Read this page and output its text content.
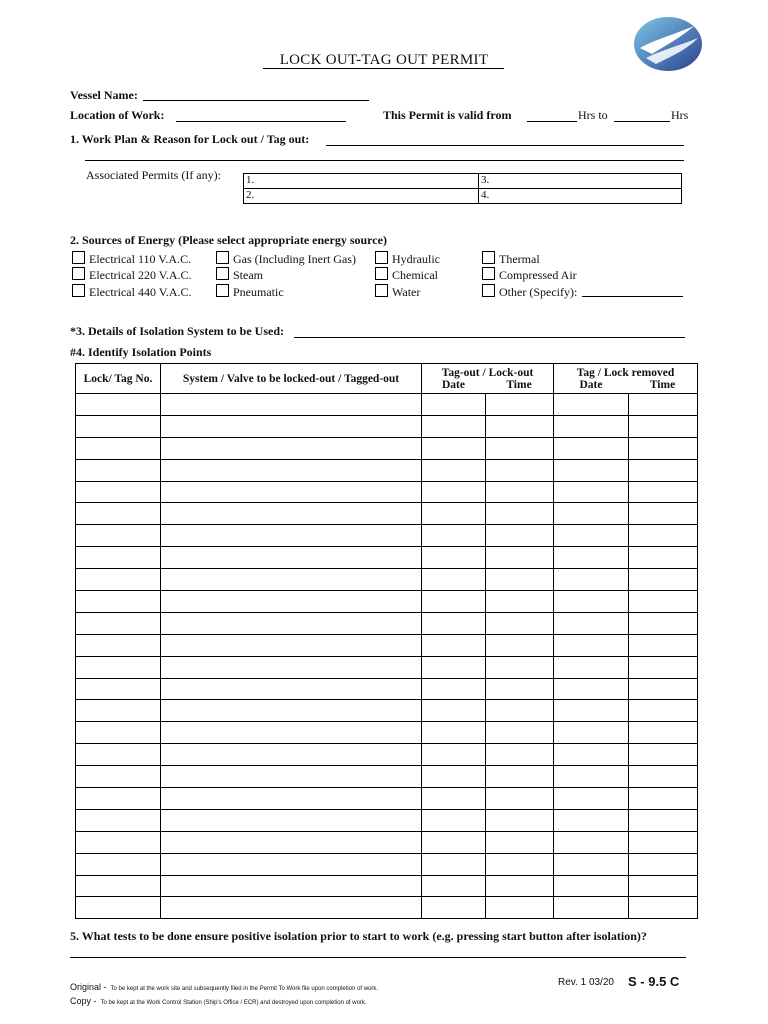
LOCK OUT-TAG OUT PERMIT
Vessel Name:
Location of Work:	This Permit is valid from	Hrs to	Hrs
1. Work Plan & Reason for Lock out / Tag out:
Associated Permits (If any): 1.	3.
2.	4.
2. Sources of Energy (Please select appropriate energy source)
Electrical 110 V.A.C.	Gas (Including Inert Gas)	Hydraulic	Thermal
Electrical 220 V.A.C.	Steam	Chemical	Compressed Air
Electrical 440 V.A.C.	Pneumatic	Water	Other (Specify):
*3. Details of Isolation System to be Used:
#4. Identify Isolation Points
Lock/ Tag No.	System / Valve to be locked-out / Tagged-out	Tag-out / Lock-out		Tag / Lock removed	
		Date	Time	Date	Time

5. What tests to be done ensure positive isolation prior to start to work (e.g. pressing start button after isolation)?
Original - To be kept at the work site and subsequently filed in the Permit To Work file upon completion of work.
Copy - To be kept at the Work Control Station (Ship's Office / ECR) and destroyed upon completion of work.
Rev. 1 03/20 S - 9.5 C
